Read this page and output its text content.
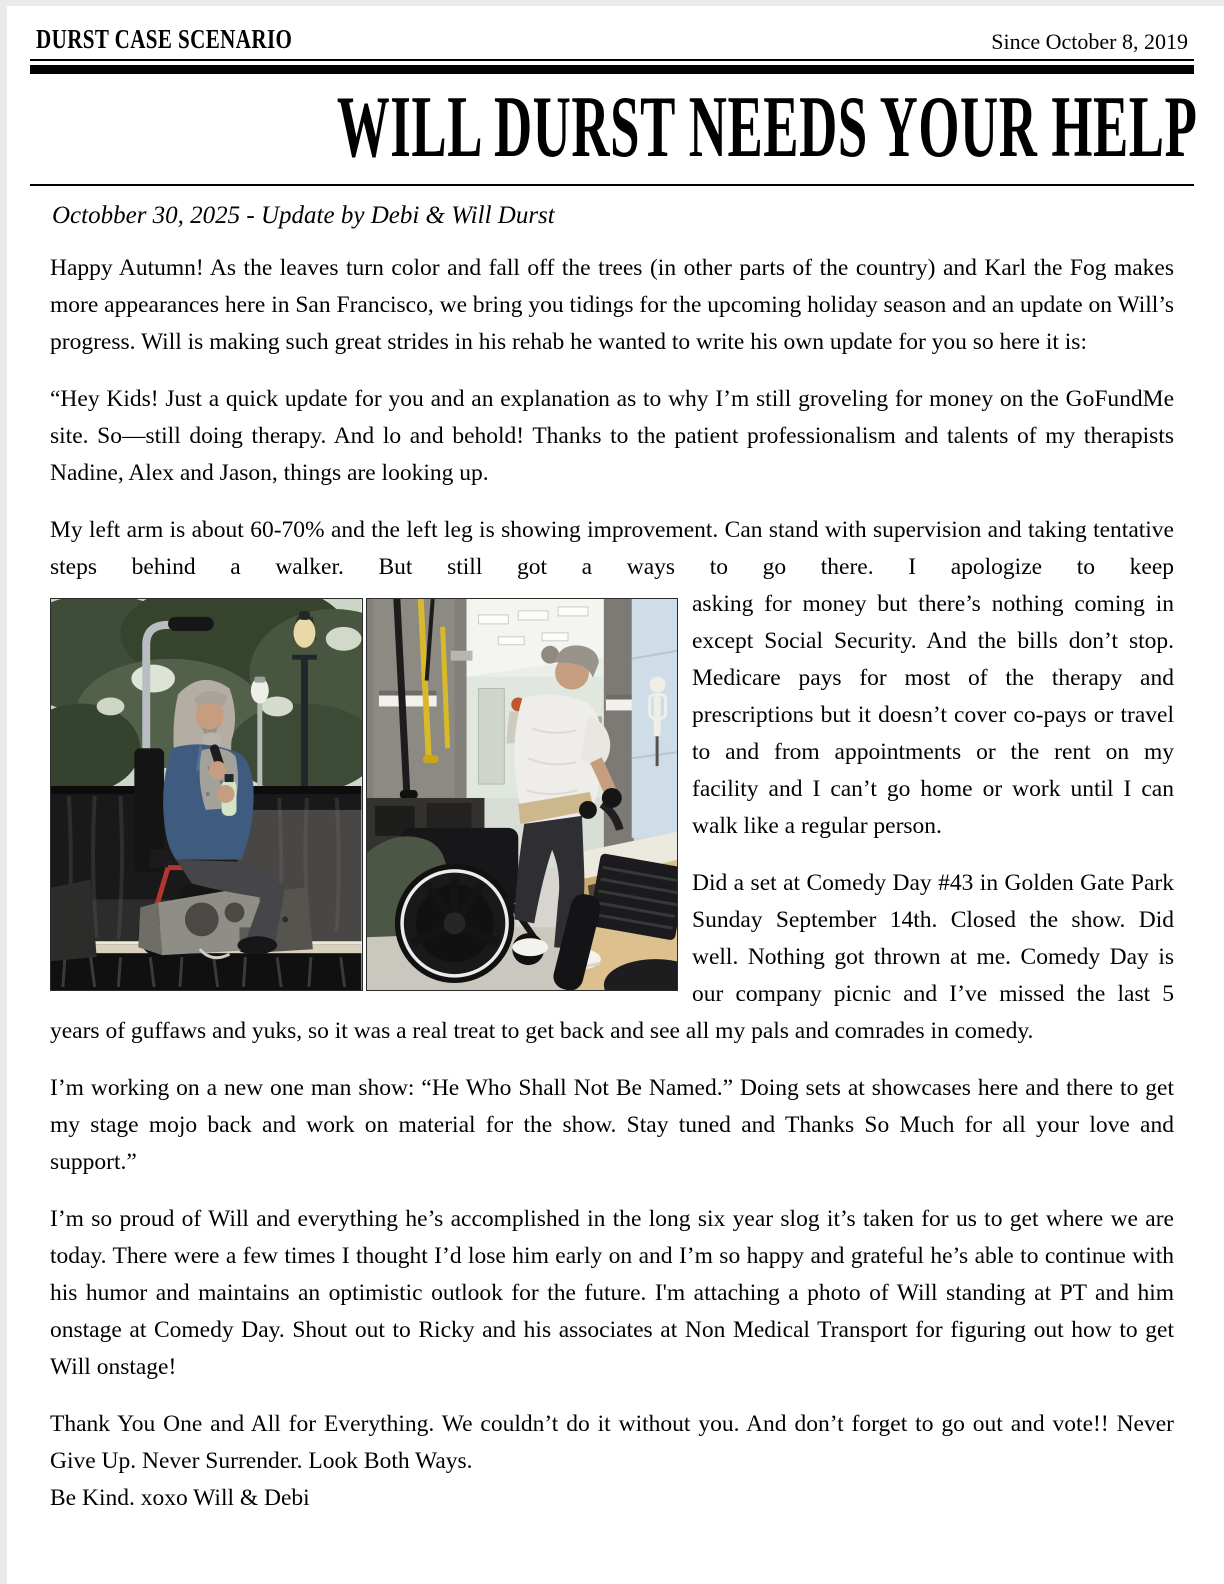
DURST CASE SCENARIO	Since October 8, 2019
WILL DURST NEEDS YOUR HELP
Octobber 30, 2025 - Update by Debi & Will Durst

Happy Autumn! As the leaves turn color and fall off the trees (in other parts of the country) and Karl the Fog makes more appearances here in San Francisco, we bring you tidings for the upcoming holiday season and an update on Will’s progress. Will is making such great strides in his rehab he wanted to write his own update for you so here it is:

“Hey Kids! Just a quick update for you and an explanation as to why I’m still groveling for money on the GoFundMe site. So—still doing therapy. And lo and behold! Thanks to the patient professionalism and talents of my therapists Nadine, Alex and Jason, things are looking up.

My left arm is about 60-70% and the left leg is showing improvement. Can stand with supervision and taking tentative steps behind a walker. But still got a ways to go there. I apologize to keep

asking for money but there’s nothing coming in except Social Security. And the bills don’t stop. Medicare pays for most of the therapy and prescriptions but it doesn’t cover co-pays or travel to and from appointments or the rent on my facility and I can’t go home or work until I can walk like a regular person.

Did a set at Comedy Day #43 in Golden Gate Park Sunday September 14th. Closed the show. Did well. Nothing got thrown at me. Comedy Day is our company picnic and I’ve missed the last 5 years of guffaws and yuks, so it was a real treat to get back and see all my pals and comrades in comedy.

I’m working on a new one man show: “He Who Shall Not Be Named.” Doing sets at showcases here and there to get my stage mojo back and work on material for the show. Stay tuned and Thanks So Much for all your love and support.”

I’m so proud of Will and everything he’s accomplished in the long six year slog it’s taken for us to get where we are today. There were a few times I thought I’d lose him early on and I’m so happy and grateful he’s able to continue with his humor and maintains an optimistic outlook for the future. I'm attaching a photo of Will standing at PT and him onstage at Comedy Day. Shout out to Ricky and his associates at Non Medical Transport for figuring out how to get Will onstage!

Thank You One and All for Everything. We couldn’t do it without you. And don’t forget to go out and vote!! Never Give Up. Never Surrender. Look Both Ways.
Be Kind. xoxo Will & Debi
